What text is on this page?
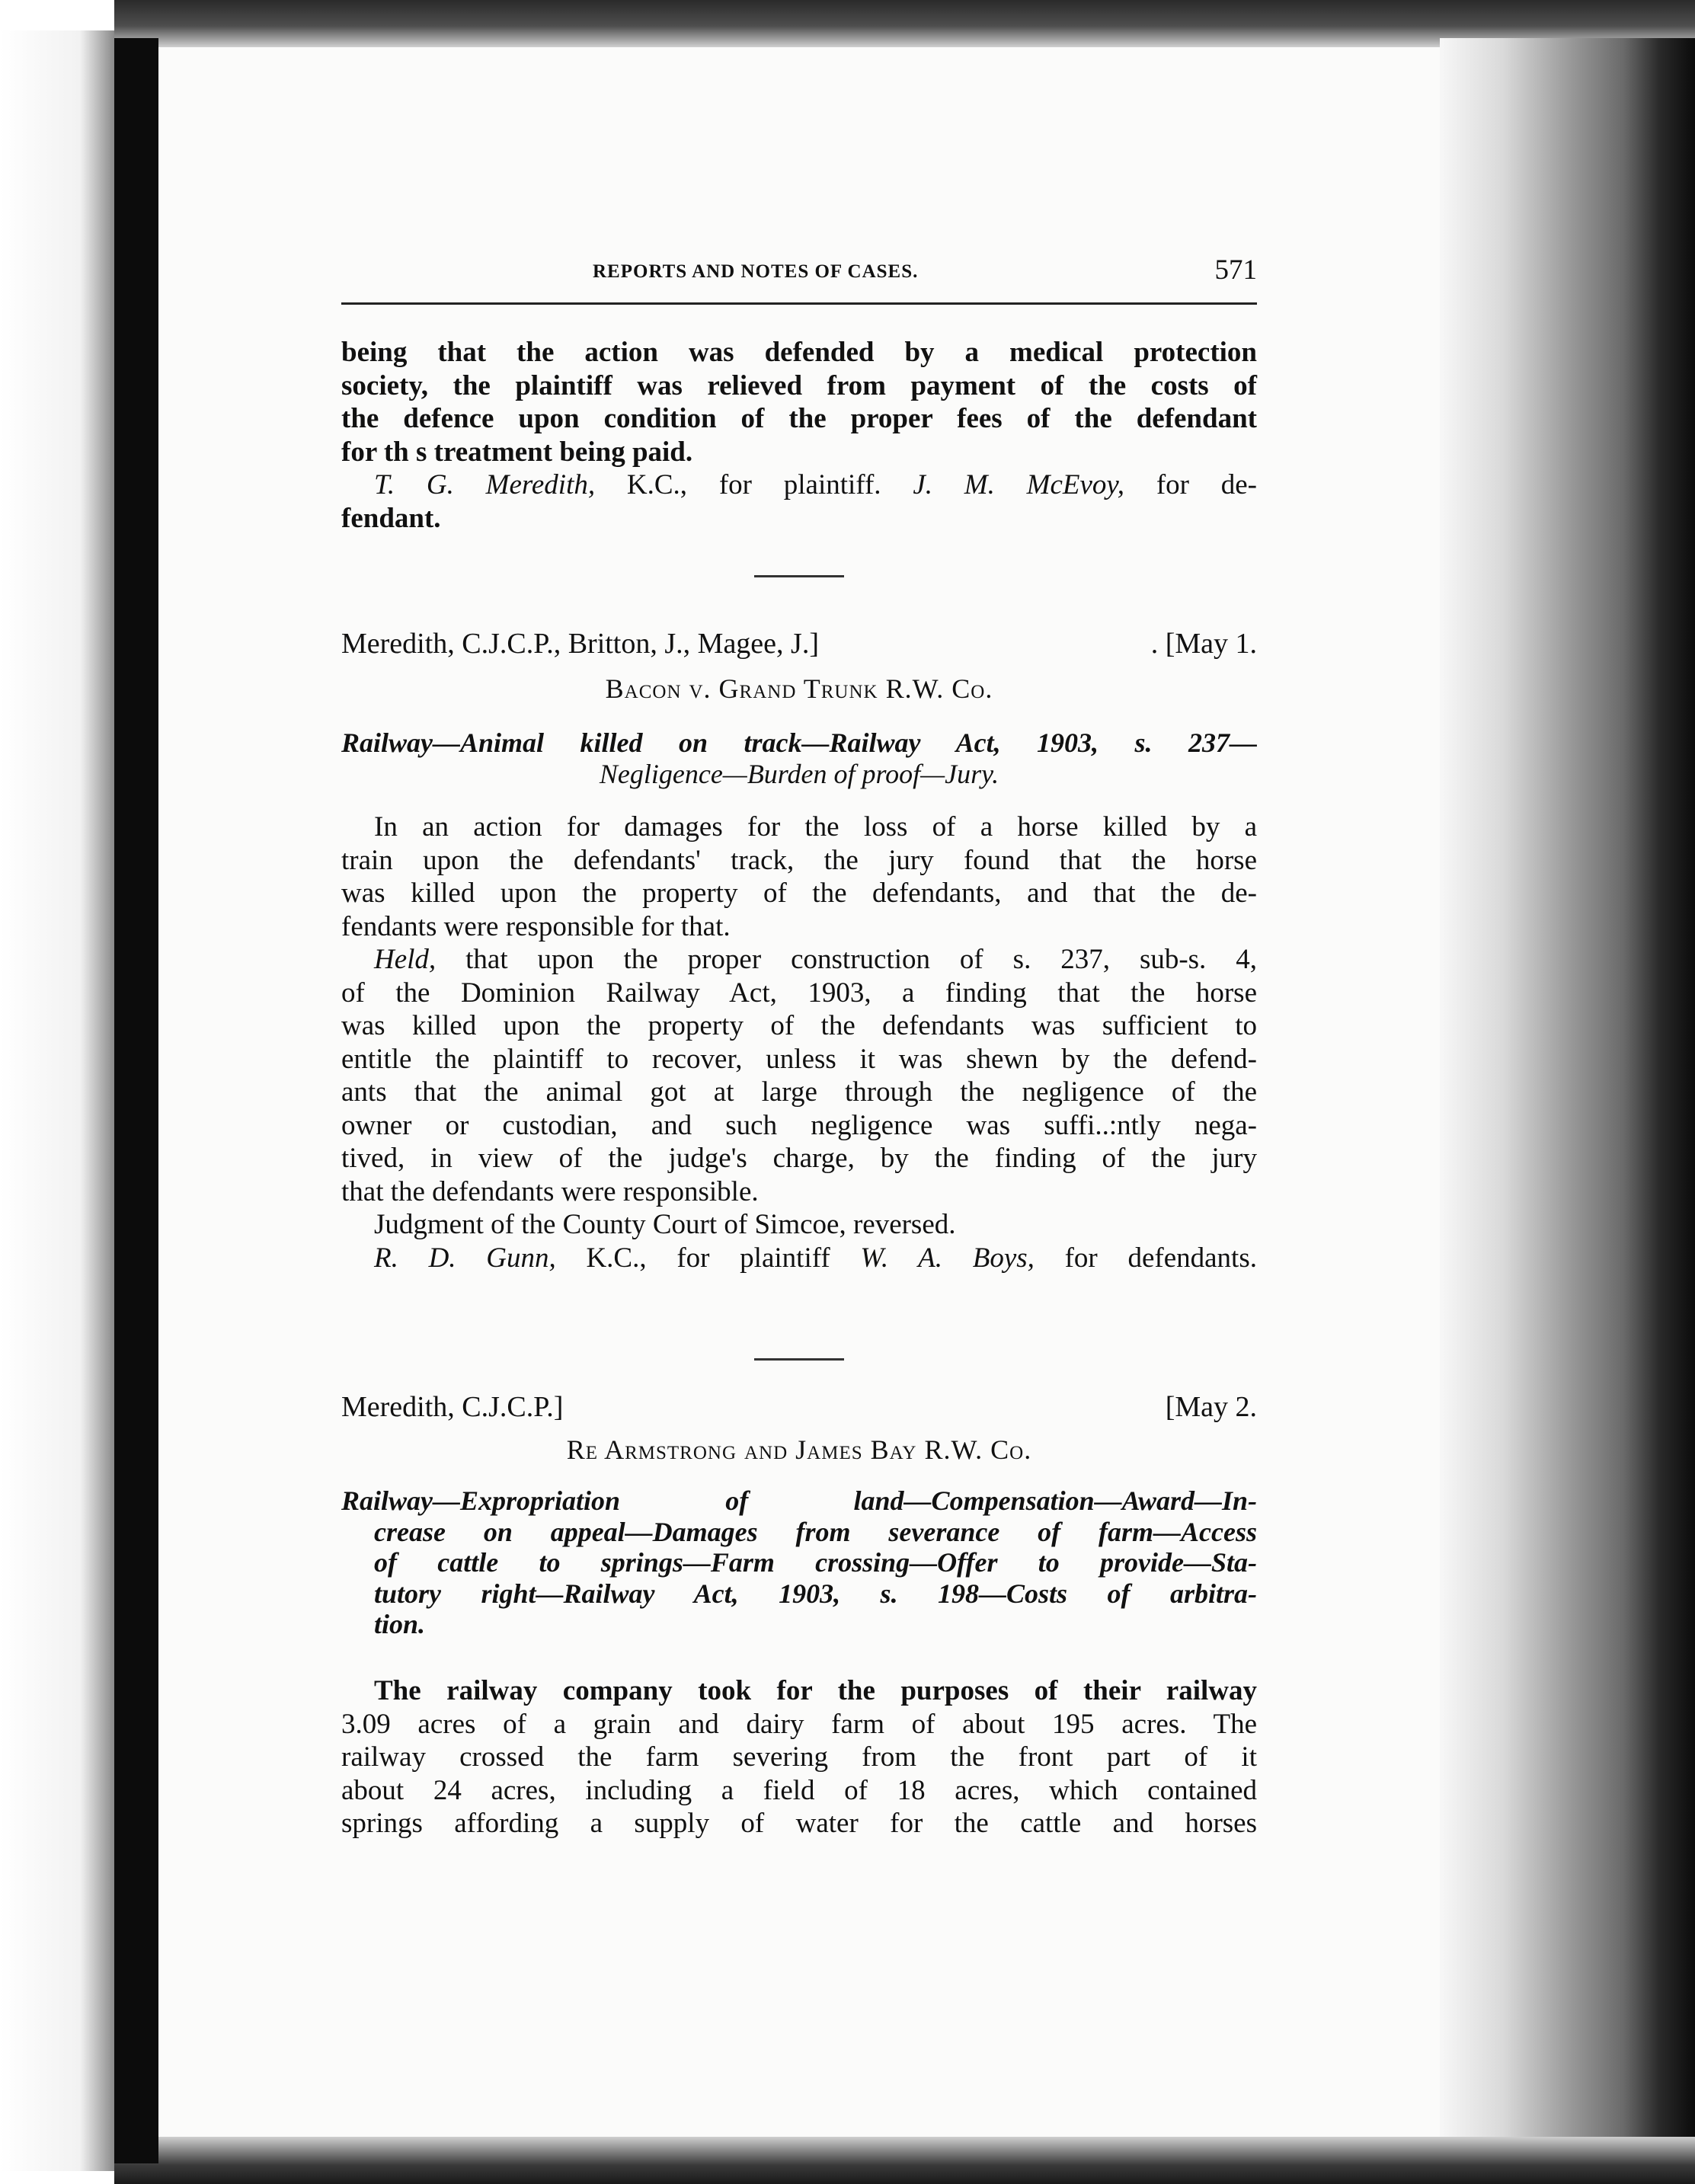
REPORTS AND NOTES OF CASES.	571
being that the action was defended by a medical protection
society, the plaintiff was relieved from payment of the costs of
the defence upon condition of the proper fees of the defendant
for th s treatment being paid.
T. G. Meredith, K.C., for plaintiff. J. M. McEvoy, for de-
fendant.
Meredith, C.J.C.P., Britton, J., Magee, J.]	. [May 1.
Bacon v. Grand Trunk R.W. Co.
Railway—Animal killed on track—Railway Act, 1903, s. 237—
Negligence—Burden of proof—Jury.
In an action for damages for the loss of a horse killed by a
train upon the defendants' track, the jury found that the horse
was killed upon the property of the defendants, and that the de-
fendants were responsible for that.
Held, that upon the proper construction of s. 237, sub-s. 4,
of the Dominion Railway Act, 1903, a finding that the horse
was killed upon the property of the defendants was sufficient to
entitle the plaintiff to recover, unless it was shewn by the defend-
ants that the animal got at large through the negligence of the
owner or custodian, and such negligence was suffi..:ntly nega-
tived, in view of the judge's charge, by the finding of the jury
that the defendants were responsible.
Judgment of the County Court of Simcoe, reversed.
R. D. Gunn, K.C., for plaintiff W. A. Boys, for defendants.
Meredith, C.J.C.P.]	[May 2.
Re Armstrong and James Bay R.W. Co.
Railway—Expropriation of land—Compensation—Award—In-
crease on appeal—Damages from severance of farm—Access
of cattle to springs—Farm crossing—Offer to provide—Sta-
tutory right—Railway Act, 1903, s. 198—Costs of arbitra-
tion.
The railway company took for the purposes of their railway
3.09 acres of a grain and dairy farm of about 195 acres. The
railway crossed the farm severing from the front part of it
about 24 acres, including a field of 18 acres, which contained
springs affording a supply of water for the cattle and horses
